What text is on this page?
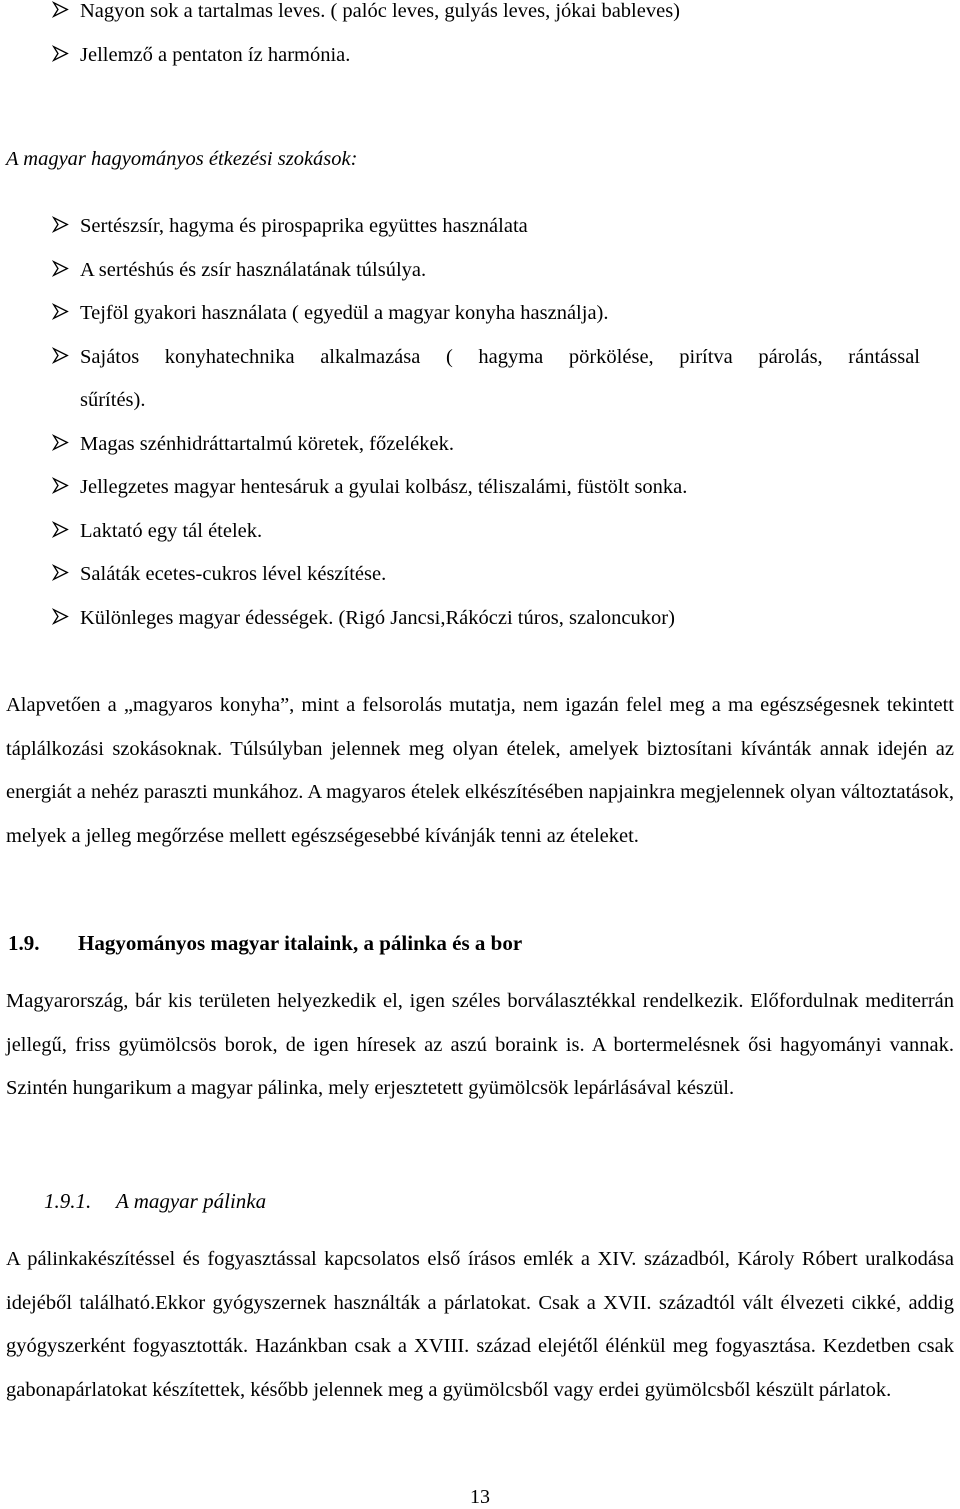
Nagyon sok a tartalmas leves. ( palóc leves, gulyás leves, jókai bableves)
Jellemző a pentaton íz harmónia.
A magyar hagyományos étkezési szokások:
Sertészsír, hagyma és pirospaprika együttes használata
A sertéshús és zsír használatának túlsúlya.
Tejföl gyakori használata ( egyedül a magyar konyha használja).
Sajátos konyhatechnika alkalmazása ( hagyma pörkölése, pirítva párolás, rántással
sűrítés).
Magas szénhidráttartalmú köretek, főzelékek.
Jellegzetes magyar hentesáruk a gyulai kolbász, téliszalámi, füstölt sonka.
Laktató egy tál ételek.
Saláták ecetes-cukros lével készítése.
Különleges magyar édességek. (Rigó Jancsi,Rákóczi túros, szaloncukor)

Alapvetően a „magyaros konyha”, mint a felsorolás mutatja, nem igazán felel meg a ma egészségesnek tekintett táplálkozási szokásoknak. Túlsúlyban jelennek meg olyan ételek, amelyek biztosítani kívánták annak idején az energiát a nehéz paraszti munkához. A magyaros ételek elkészítésében napjainkra megjelennek olyan változtatások, melyek a jelleg megőrzése mellett egészségesebbé kívánják tenni az ételeket.

1.9. Hagyományos magyar italaink, a pálinka és a bor

Magyarország, bár kis területen helyezkedik el, igen széles borválasztékkal rendelkezik. Előfordulnak mediterrán jellegű, friss gyümölcsös borok, de igen híresek az aszú boraink is. A bortermelésnek ősi hagyományi vannak. Szintén hungarikum a magyar pálinka, mely erjesztetett gyümölcsök lepárlásával készül.

1.9.1. A magyar pálinka

A pálinkakészítéssel és fogyasztással kapcsolatos első írásos emlék a XIV. századból, Károly Róbert uralkodása idejéből található.Ekkor gyógyszernek használták a párlatokat. Csak a XVII. századtól vált élvezeti cikké, addig gyógyszerként fogyasztották. Hazánkban csak a XVIII. század elejétől élénkül meg fogyasztása. Kezdetben csak gabonapárlatokat készítettek, később jelennek meg a gyümölcsből vagy erdei gyümölcsből készült párlatok.

13
